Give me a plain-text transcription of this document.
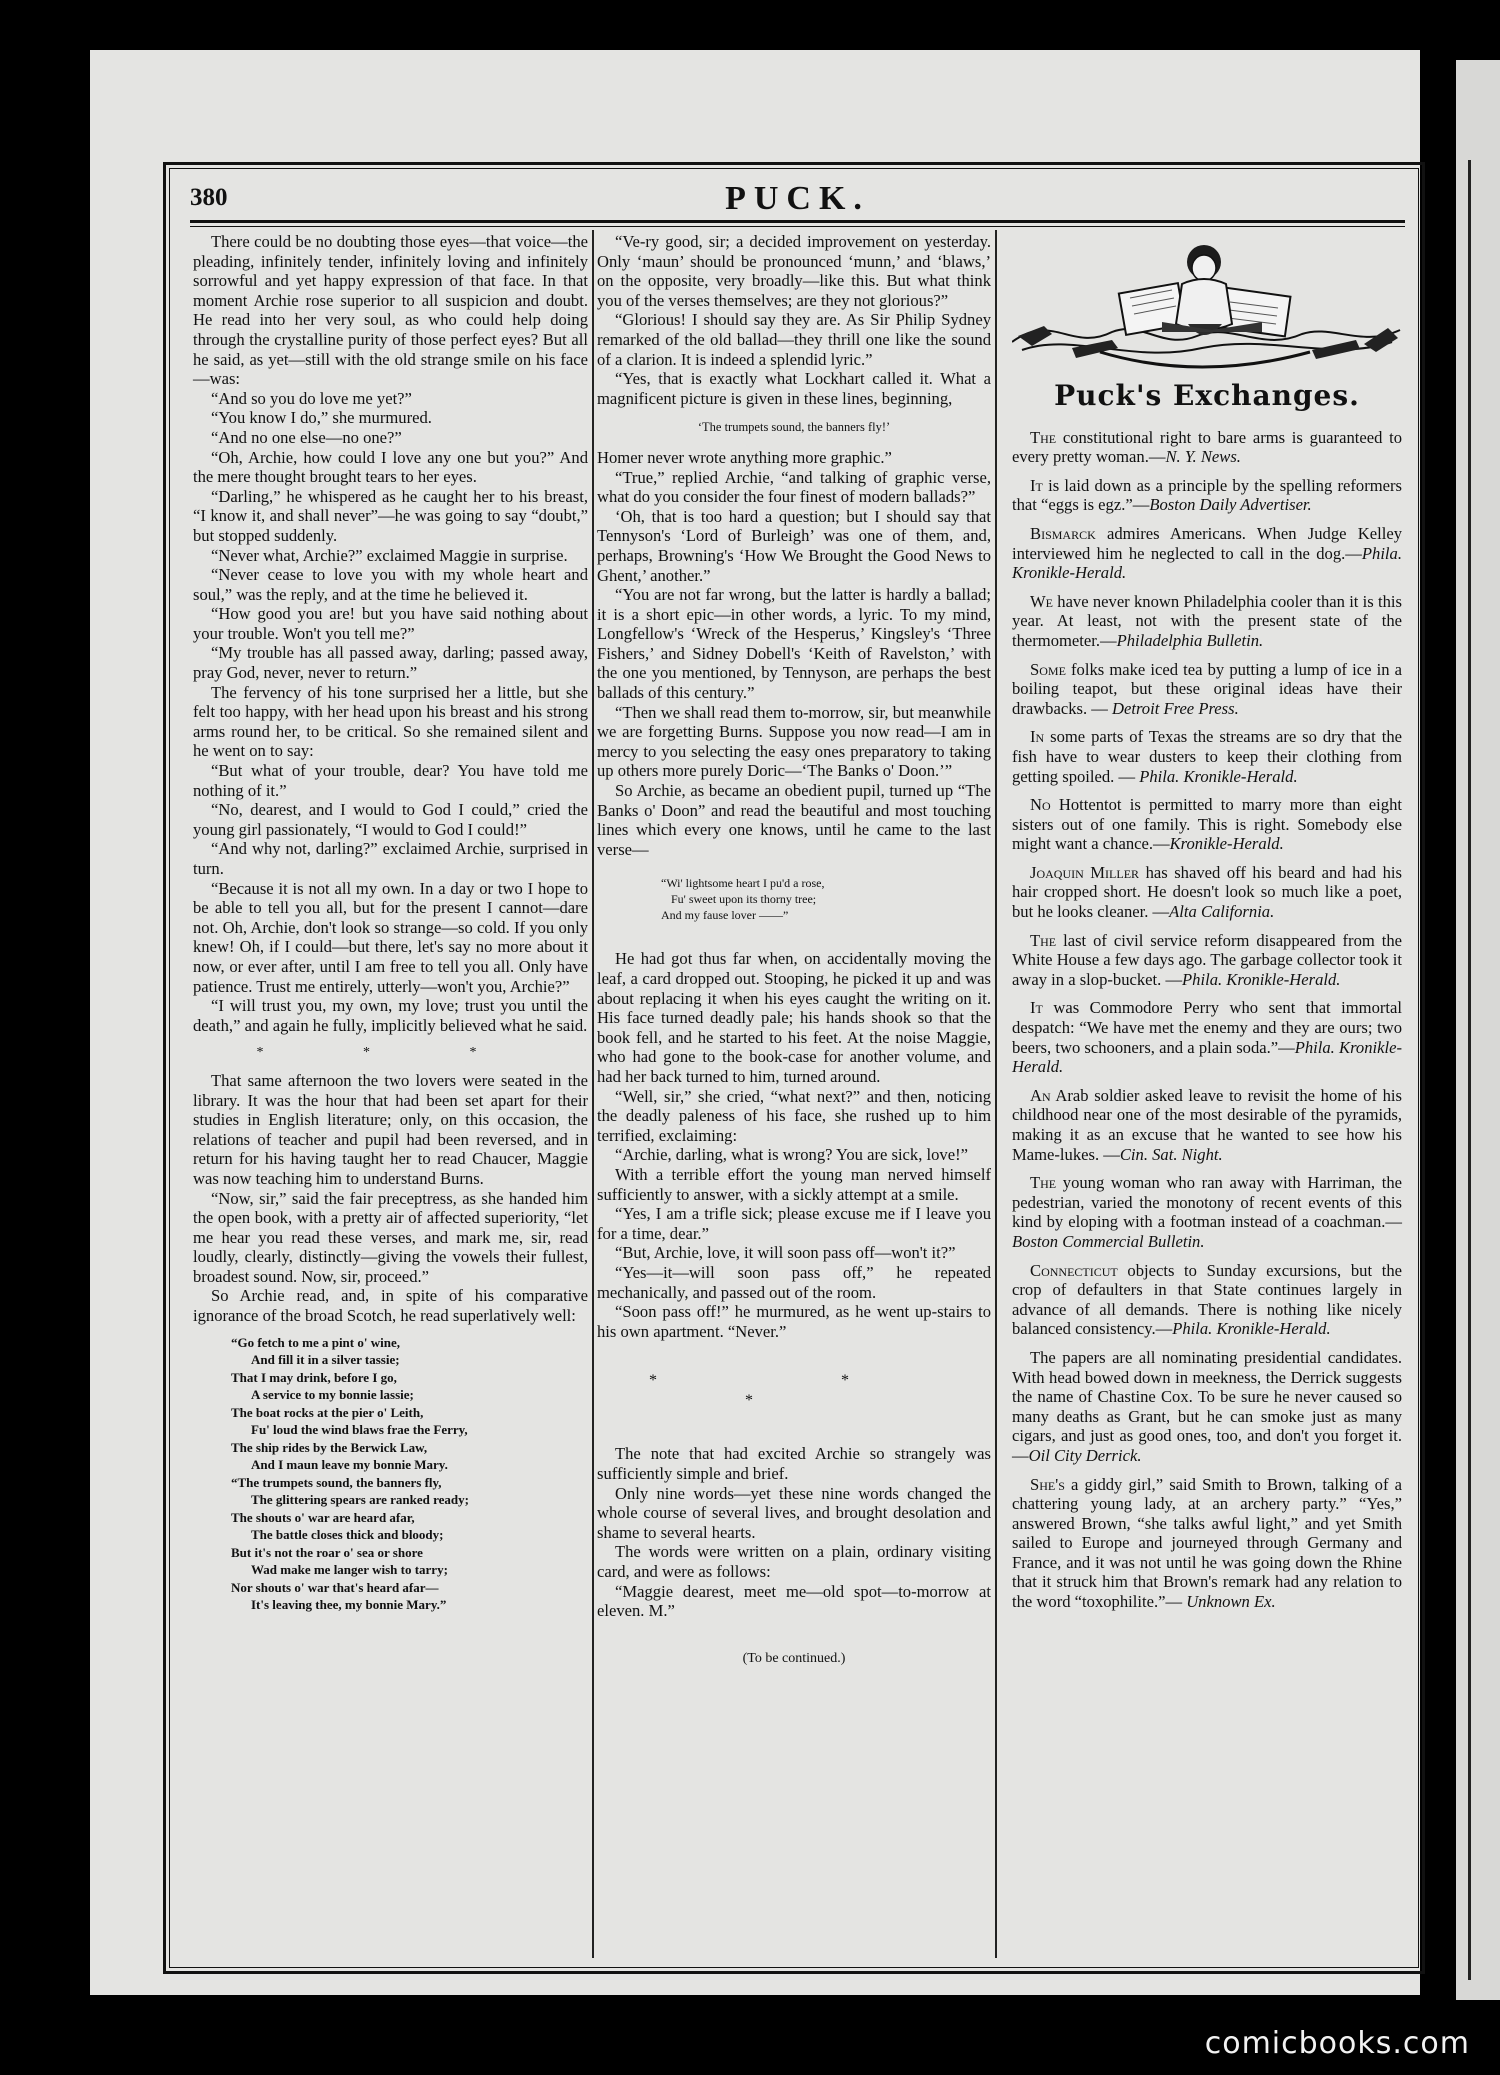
380	PUCK.

There could be no doubting those eyes—that voice—the pleading, infinitely tender, infinitely loving and infinitely sorrowful and yet happy expression of that face. In that moment Archie rose superior to all suspicion and doubt. He read into her very soul, as who could help doing through the crystalline purity of those perfect eyes? But all he said, as yet—still with the old strange smile on his face—was:

“And so you do love me yet?”

“You know I do,” she murmured.

“And no one else—no one?”

“Oh, Archie, how could I love any one but you?” And the mere thought brought tears to her eyes.

“Darling,” he whispered as he caught her to his breast, “I know it, and shall never”—he was going to say “doubt,” but stopped suddenly.

“Never what, Archie?” exclaimed Maggie in surprise.

“Never cease to love you with my whole heart and soul,” was the reply, and at the time he believed it.

“How good you are! but you have said nothing about your trouble. Won't you tell me?”

“My trouble has all passed away, darling; passed away, pray God, never, never to return.”

The fervency of his tone surprised her a little, but she felt too happy, with her head upon his breast and his strong arms round her, to be critical. So she remained silent and he went on to say:

“But what of your trouble, dear? You have told me nothing of it.”

“No, dearest, and I would to God I could,” cried the young girl passionately, “I would to God I could!”

“And why not, darling?” exclaimed Archie, surprised in turn.

“Because it is not all my own. In a day or two I hope to be able to tell you all, but for the present I cannot—dare not. Oh, Archie, don't look so strange—so cold. If you only knew! Oh, if I could—but there, let's say no more about it now, or ever after, until I am free to tell you all. Only have patience. Trust me entirely, utterly—won't you, Archie?”

“I will trust you, my own, my love; trust you until the death,” and again he fully, implicitly believed what he said.

* * *

That same afternoon the two lovers were seated in the library. It was the hour that had been set apart for their studies in English literature; only, on this occasion, the relations of teacher and pupil had been reversed, and in return for his having taught her to read Chaucer, Maggie was now teaching him to understand Burns.

“Now, sir,” said the fair preceptress, as she handed him the open book, with a pretty air of affected superiority, “let me hear you read these verses, and mark me, sir, read loudly, clearly, distinctly—giving the vowels their fullest, broadest sound. Now, sir, proceed.”

So Archie read, and, in spite of his comparative ignorance of the broad Scotch, he read superlatively well:

“Go fetch to me a pint o' wine,
And fill it in a silver tassie;
That I may drink, before I go,
A service to my bonnie lassie;
The boat rocks at the pier o' Leith,
Fu' loud the wind blaws frae the Ferry,
The ship rides by the Berwick Law,
And I maun leave my bonnie Mary.
“The trumpets sound, the banners fly,
The glittering spears are ranked ready;
The shouts o' war are heard afar,
The battle closes thick and bloody;
But it's not the roar o' sea or shore
Wad make me langer wish to tarry;
Nor shouts o' war that's heard afar—
It's leaving thee, my bonnie Mary.”

“Ve-ry good, sir; a decided improvement on yesterday. Only ‘maun’ should be pronounced ‘munn,’ and ‘blaws,’ on the opposite, very broadly—like this. But what think you of the verses themselves; are they not glorious?”

“Glorious! I should say they are. As Sir Philip Sydney remarked of the old ballad—they thrill one like the sound of a clarion. It is indeed a splendid lyric.”

“Yes, that is exactly what Lockhart called it. What a magnificent picture is given in these lines, beginning,

‘The trumpets sound, the banners fly!’

Homer never wrote anything more graphic.”

“True,” replied Archie, “and talking of graphic verse, what do you consider the four finest of modern ballads?”

‘Oh, that is too hard a question; but I should say that Tennyson's ‘Lord of Burleigh’ was one of them, and, perhaps, Browning's ‘How We Brought the Good News to Ghent,’ another.”

“You are not far wrong, but the latter is hardly a ballad; it is a short epic—in other words, a lyric. To my mind, Longfellow's ‘Wreck of the Hesperus,’ Kingsley's ‘Three Fishers,’ and Sidney Dobell's ‘Keith of Ravelston,’ with the one you mentioned, by Tennyson, are perhaps the best ballads of this century.”

“Then we shall read them to-morrow, sir, but meanwhile we are forgetting Burns. Suppose you now read—I am in mercy to you selecting the easy ones preparatory to taking up others more purely Doric—‘The Banks o' Doon.’”

So Archie, as became an obedient pupil, turned up “The Banks o' Doon” and read the beautiful and most touching lines which every one knows, until he came to the last verse—

“Wi' lightsome heart I pu'd a rose,
Fu' sweet upon its thorny tree;
And my fause lover ——”

He had got thus far when, on accidentally moving the leaf, a card dropped out. Stooping, he picked it up and was about replacing it when his eyes caught the writing on it. His face turned deadly pale; his hands shook so that the book fell, and he started to his feet. At the noise Maggie, who had gone to the book-case for another volume, and had her back turned to him, turned around.

“Well, sir,” she cried, “what next?” and then, noticing the deadly paleness of his face, she rushed up to him terrified, exclaiming:

“Archie, darling, what is wrong? You are sick, love!”

With a terrible effort the young man nerved himself sufficiently to answer, with a sickly attempt at a smile.

“Yes, I am a trifle sick; please excuse me if I leave you for a time, dear.”

“But, Archie, love, it will soon pass off—won't it?”

“Yes—it—will soon pass off,” he repeated mechanically, and passed out of the room.

“Soon pass off!” he murmured, as he went up-stairs to his own apartment. “Never.”

* * *

The note that had excited Archie so strangely was sufficiently simple and brief.

Only nine words—yet these nine words changed the whole course of several lives, and brought desolation and shame to several hearts.

The words were written on a plain, ordinary visiting card, and were as follows:

“Maggie dearest, meet me—old spot—to-morrow at eleven. M.”

(To be continued.)
Puck's Exchanges.

The constitutional right to bare arms is guaranteed to every pretty woman.—N. Y. News.

It is laid down as a principle by the spelling reformers that “eggs is egz.”—Boston Daily Advertiser.

Bismarck admires Americans. When Judge Kelley interviewed him he neglected to call in the dog.—Phila. Kronikle-Herald.

We have never known Philadelphia cooler than it is this year. At least, not with the present state of the thermometer.—Philadelphia Bulletin.

Some folks make iced tea by putting a lump of ice in a boiling teapot, but these original ideas have their drawbacks. — Detroit Free Press.

In some parts of Texas the streams are so dry that the fish have to wear dusters to keep their clothing from getting spoiled. — Phila. Kronikle-Herald.

No Hottentot is permitted to marry more than eight sisters out of one family. This is right. Somebody else might want a chance.—Kronikle-Herald.

Joaquin Miller has shaved off his beard and had his hair cropped short. He doesn't look so much like a poet, but he looks cleaner. —Alta California.

The last of civil service reform disappeared from the White House a few days ago. The garbage collector took it away in a slop-bucket. —Phila. Kronikle-Herald.

It was Commodore Perry who sent that immortal despatch: “We have met the enemy and they are ours; two beers, two schooners, and a plain soda.”—Phila. Kronikle-Herald.

An Arab soldier asked leave to revisit the home of his childhood near one of the most desirable of the pyramids, making it as an excuse that he wanted to see how his Mame-lukes. —Cin. Sat. Night.

The young woman who ran away with Harriman, the pedestrian, varied the monotony of recent events of this kind by eloping with a footman instead of a coachman.—Boston Commercial Bulletin.

Connecticut objects to Sunday excursions, but the crop of defaulters in that State continues largely in advance of all demands. There is nothing like nicely balanced consistency.—Phila. Kronikle-Herald.

The papers are all nominating presidential candidates. With head bowed down in meekness, the Derrick suggests the name of Chastine Cox. To be sure he never caused so many deaths as Grant, but he can smoke just as many cigars, and just as good ones, too, and don't you forget it.—Oil City Derrick.

She's a giddy girl,” said Smith to Brown, talking of a chattering young lady, at an archery party.” “Yes,” answered Brown, “she talks awful light,” and yet Smith sailed to Europe and journeyed through Germany and France, and it was not until he was going down the Rhine that it struck him that Brown's remark had any relation to the word “toxophilite.”— Unknown Ex.

comicbooks.com
